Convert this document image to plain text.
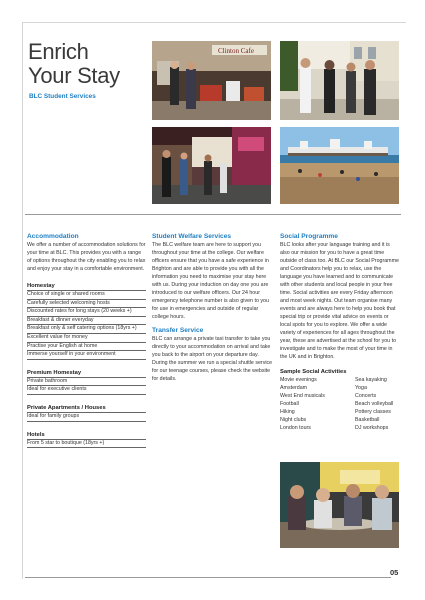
Enrich
Your Stay
BLC Student Services
Clinton Cafe
Accommodation

We offer a number of accommodation solutions for your time at BLC. This provides you with a range of options throughout the city enabling you to relax and enjoy your stay in a comfortable environment.

Homestay
Choice of single or shared rooms
Carefully selected welcoming hosts
Discounted rates for long stays (20 weeks +)
Breakfast & dinner everyday
Breakfast only & self catering options (18yrs +)
Excellent value for money
Practise your English at home
Immerse yourself in your environment
Premium Homestay
Private bathroom
Ideal for executive clients
Private Apartments / Houses
Ideal for family groups
Hotels
From 5 star to boutique (18yrs +)
Student Welfare Services

The BLC welfare team are here to support you throughout your time at the college. Our welfare officers ensure that you have a safe experience in Brighton and are able to provide you with all the information you need to maximise your stay here with us. During your induction on day one you are introduced to our welfare officers. Our 24 hour emergency telephone number is also given to you for use in emergencies and outside of regular college hours.

Transfer Service

BLC can arrange a private taxi transfer to take you directly to your accommodation on arrival and take you back to the airport on your departure day. During the summer we run a special shuttle service for our teenage courses, please check the website for details.

Social Programme

BLC looks after your language training and it is also our mission for you to have a great time outside of class too. At BLC our Social Programme and Coordinators help you to relax, use the language you have learned and to communicate with other students and local people in your free time. Social activities are every Friday afternoon and most week nights. Out team organise many events and are always here to help you book that special trip or provide vital advice on events or local spots for you to explore. We offer a wide variety of experiences for all ages throughout the year, these are advertised at the school for you to investigate and to make the most of your time in the UK and in Brighton.

Sample Social Activities
Movie evenings
Amsterdam
West End musicals
Football
Hiking
Night clubs
London tours
Sea kayaking
Yoga
Concerts
Beach volleyball
Pottery classes
Basketball
DJ workshops
05
